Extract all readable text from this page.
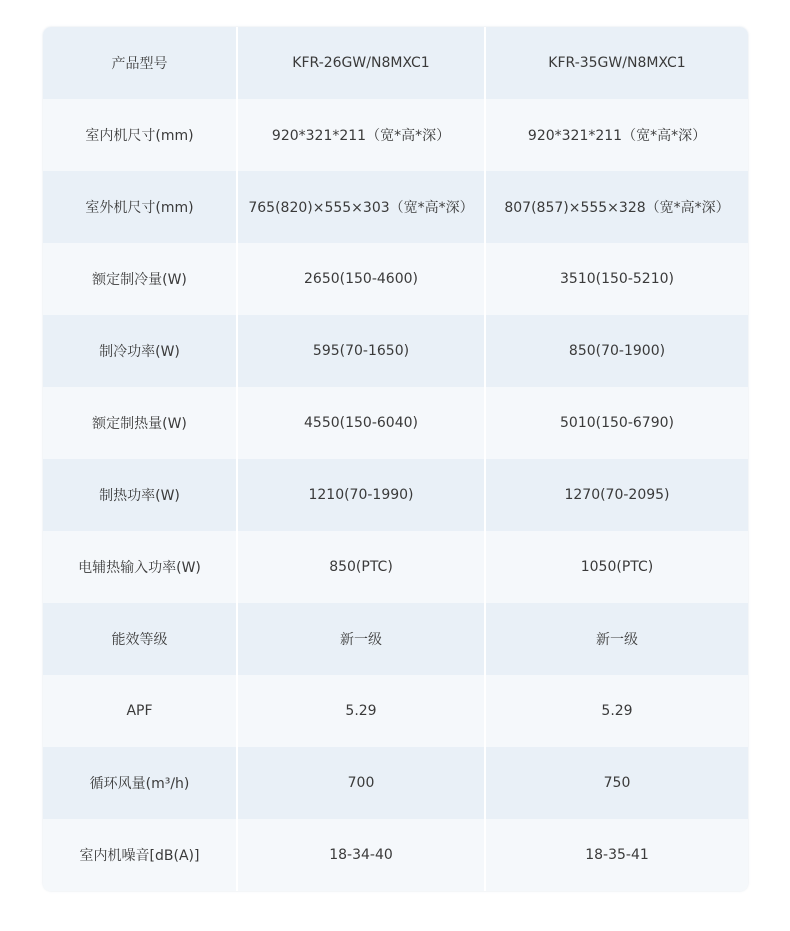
产品型号	KFR-26GW/N8MXC1	KFR-35GW/N8MXC1
室内机尺寸(mm)	920*321*211（宽*高*深）	920*321*211（宽*高*深）
室外机尺寸(mm)	765(820)×555×303（宽*高*深）	807(857)×555×328（宽*高*深）
额定制冷量(W)	2650(150-4600)	3510(150-5210)
制冷功率(W)	595(70-1650)	850(70-1900)
额定制热量(W)	4550(150-6040)	5010(150-6790)
制热功率(W)	1210(70-1990)	1270(70-2095)
电辅热输入功率(W)	850(PTC)	1050(PTC)
能效等级	新一级	新一级
APF	5.29	5.29
循环风量(m³/h)	700	750
室内机噪音[dB(A)]	18-34-40	18-35-41
